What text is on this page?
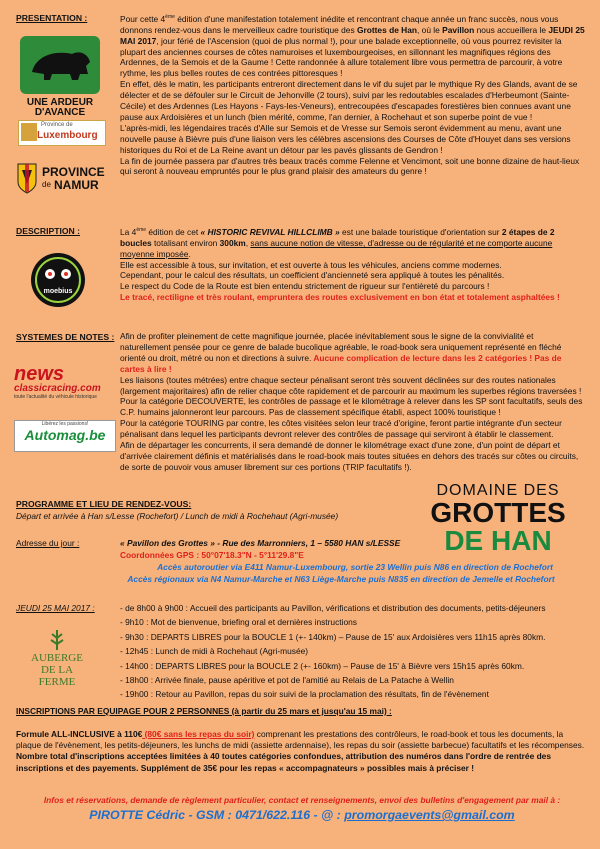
PRESENTATION :	Pour cette 4ème édition d'une manifestation totalement inédite et rencontrant chaque année un franc succès, nous vous donnons rendez-vous dans le merveilleux cadre touristique des Grottes de Han, où le Pavillon nous accueillera le JEUDI 25 MAI 2017, jour férié de l'Ascension (quoi de plus normal !), pour une balade exceptionnelle, où vous pourrez revisiter la plupart des anciennes courses de côtes namuroises et luxembourgeoises, en sillonnant les magnifiques régions des Ardennes, de la Semois et de la Gaume ! Cette randonnée à allure totalement libre vous permettra de parcourir, à votre rythme, les plus belles routes de ces contrées pittoresques !

En effet, dès le matin, les participants entreront directement dans le vif du sujet par le mythique Ry des Glands, avant de se délecter et de se défouler sur le Circuit de Jehonville (2 tours), suivi par les redoutables escalades d'Herbeumont (Sainte-Cécile) et des Ardennes (Les Hayons - Fays-les-Veneurs), entrecoupées d'escapades forestières bien connues avant une pause aux Ardoisières et un lunch (bien mérité, comme, l'an dernier, à Rochehaut et son superbe point de vue !

L'après-midi, les légendaires tracés d'Alle sur Semois et de Vresse sur Semois seront évidemment au menu, avant une nouvelle pause à Bièvre puis d'une liaison vers les célèbres ascensions des Courses de Côte d'Houyet dans ses versions historiques du Roi et de La Reine avant un détour par les pavés glissants de Gendron !

La fin de journée passera par d'autres très beaux tracés comme Felenne et Vencimont, soit une bonne dizaine de haut-lieux qui seront à nouveau empruntés pour le plus grand plaisir des amateurs du genre !

UNE ARDEUR
D'AVANCE
Province de
Luxembourg
PROVINCE
de NAMUR
DESCRIPTION :	La 4ème édition de cet « HISTORIC REVIVAL HILLCLIMB » est une balade touristique d'orientation sur 2 étapes de 2 boucles totalisant environ 300km, sans aucune notion de vitesse, d'adresse ou de régularité et ne comporte aucune moyenne imposée.

Elle est accessible à tous, sur invitation, et est ouverte à tous les véhicules, anciens comme modernes.

Cependant, pour le calcul des résultats, un coefficient d'ancienneté sera appliqué à toutes les pénalités.

Le respect du Code de la Route est bien entendu strictement de rigueur sur l'entièreté du parcours !

Le tracé, rectiligne et très roulant, empruntera des routes exclusivement en bon état et totalement asphaltées !

moebius
SYSTEMES DE NOTES : Afin de profiter pleinement de cette magnifique journée, placée inévitablement sous le signe de la convivialité et naturellement pensée pour ce genre de balade bucolique agréable, le road-book sera uniquement représenté en fléché orienté ou droit, métré ou non et directions à suivre. Aucune complication de lecture dans les 2 catégories ! Pas de cartes à lire !

Les liaisons (toutes métrées) entre chaque secteur pénalisant seront très souvent déclinées sur des routes nationales (largement majoritaires) afin de relier chaque côte rapidement et de parcourir au maximum les superbes régions traversées !

Pour la catégorie DECOUVERTE, les contrôles de passage et le kilométrage à relever dans les SP sont facultatifs, seuls des C.P. humains jalonneront leur parcours. Pas de classement spécifique établi, aspect 100% touristique !

Pour la catégorie TOURING par contre, les côtes visitées selon leur tracé d'origine, feront partie intégrante d'un secteur pénalisant dans lequel les participants devront relever des contrôles de passage qui serviront à établir le classement.

Afin de départager les concurrents, il sera demandé de donner le kilométrage exact d'une zone, d'un point de départ et d'arrivée clairement définis et matérialisés dans le road-book mais toutes situées en dehors des tracés sur côtes ou circuits, de sorte de pouvoir vous amuser librement sur ces portions (TRIP facultatifs !).

news
classicracing.com
toute l'actualité du véhicule historique
Libérez les passions!
Automag.be
PROGRAMME ET LIEU DE RENDEZ-VOUS:
Départ et arrivée à Han s/Lesse (Rochefort) / Lunch de midi à Rochehaut (Agri-musée)
DOMAINE DES
GROTTES
DE HAN
Adresse du jour :	« Pavillon des Grottes » - Rue des Marronniers, 1 – 5580 HAN s/LESSE
Coordonnées GPS : 50°07'18.3"N - 5°11'29.8"E
Accès autoroutier via E411 Namur-Luxembourg, sortie 23 Wellin puis N86 en direction de Rochefort
Accès régionaux via N4 Namur-Marche et N63 Liège-Marche puis N835 en direction de Jemelle et Rochefort
JEUDI 25 MAI 2017 :	- de 8h00 à 9h00 : Accueil des participants au Pavillon, vérifications et distribution des documents, petits-déjeuners
- 9h10 : Mot de bienvenue, briefing oral et dernières instructions
- 9h30 : DEPARTS LIBRES pour la BOUCLE 1 (+- 140km) – Pause de 15' aux Ardoisières vers 11h15 après 80km.
- 12h45 : Lunch de midi à Rochehaut (Agri-musée)
- 14h00 : DEPARTS LIBRES pour la BOUCLE 2 (+- 160km) – Pause de 15' à Bièvre vers 15h15 après 60km.
- 18h00 : Arrivée finale, pause apéritive et pot de l'amitié au Relais de La Patache à Wellin
- 19h00 : Retour au Pavillon, repas du soir suivi de la proclamation des résultats, fin de l'évènement
AUBERGE
DE LA
FERME
INSCRIPTIONS PAR EQUIPAGE POUR 2 PERSONNES (à partir du 25 mars et jusqu'au 15 mai) :
Formule ALL-INCLUSIVE à 110€ (80€ sans les repas du soir) comprenant les prestations des contrôleurs, le road-book et tous les documents, la plaque de l'évènement, les petits-déjeuners, les lunchs de midi (assiette ardennaise), les repas du soir (assiette barbecue) facultatifs et les récompenses.
Nombre total d'inscriptions acceptées limitées à 40 toutes catégories confondues, attribution des numéros dans l'ordre de rentrée des inscriptions et des payements. Supplément de 35€ pour les repas « accompagnateurs » possibles mais à préciser !
Infos et réservations, demande de règlement particulier, contact et renseignements, envoi des bulletins d'engagement par mail à :
PIROTTE Cédric - GSM : 0471/622.116 - @ : promorgaevents@gmail.com
